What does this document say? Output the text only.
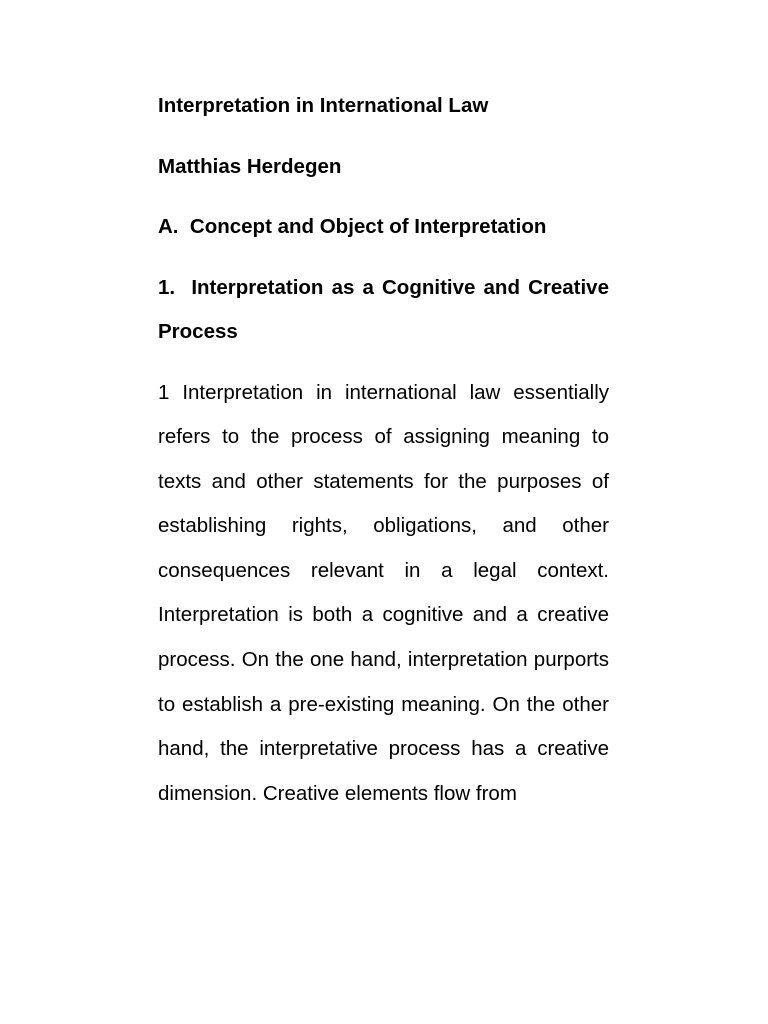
Interpretation in International Law
Matthias Herdegen
A.  Concept and Object of Interpretation
1.  Interpretation as a Cognitive and Creative Process

1 Interpretation in international law essentially refers to the process of assigning meaning to texts and other statements for the purposes of establishing rights, obligations, and other consequences relevant in a legal context. Interpretation is both a cognitive and a creative process. On the one hand, interpretation purports to establish a pre-existing meaning. On the other hand, the interpretative process has a creative dimension. Creative elements flow from
